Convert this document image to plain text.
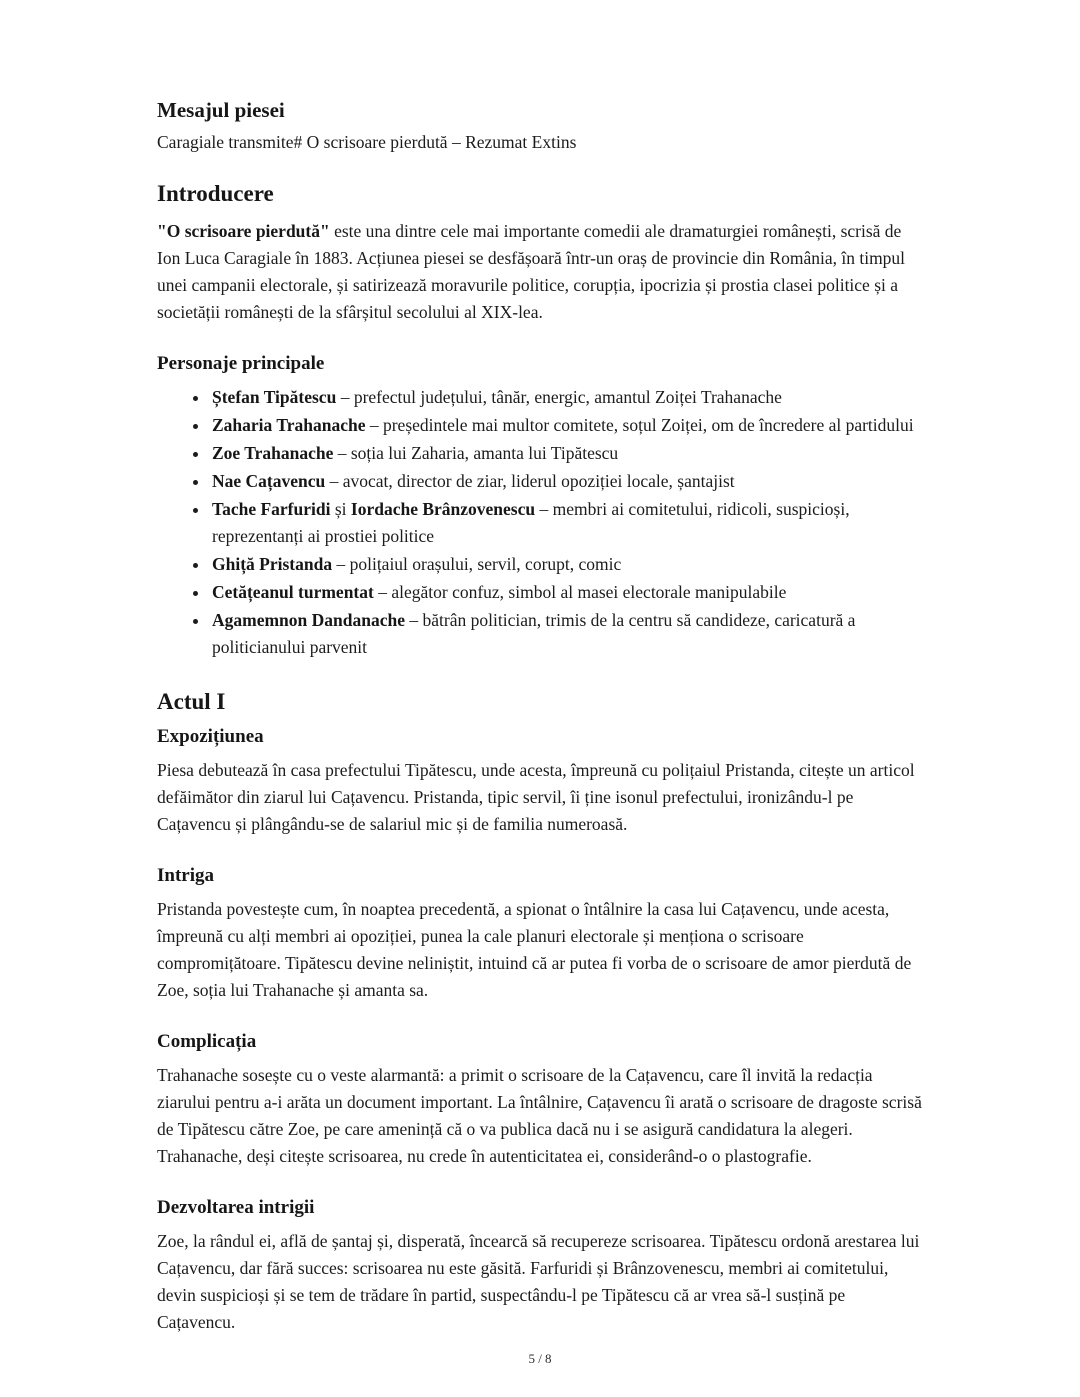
Mesajul piesei

Caragiale transmite# O scrisoare pierdută – Rezumat Extins

Introducere

"O scrisoare pierdută" este una dintre cele mai importante comedii ale dramaturgiei românești, scrisă de Ion Luca Caragiale în 1883. Acțiunea piesei se desfășoară într-un oraș de provincie din România, în timpul unei campanii electorale, și satirizează moravurile politice, corupția, ipocrizia și prostia clasei politice și a societății românești de la sfârșitul secolului al XIX-lea.

Personaje principale
• Ștefan Tipătescu – prefectul județului, tânăr, energic, amantul Zoiței Trahanache
• Zaharia Trahanache – președintele mai multor comitete, soțul Zoiței, om de încredere al partidului
• Zoe Trahanache – soția lui Zaharia, amanta lui Tipătescu
• Nae Cațavencu – avocat, director de ziar, liderul opoziției locale, șantajist
• Tache Farfuridi și Iordache Brânzovenescu – membri ai comitetului, ridicoli, suspicioși, reprezentanți ai prostiei politice
• Ghiță Pristanda – polițaiul orașului, servil, corupt, comic
• Cetățeanul turmentat – alegător confuz, simbol al masei electorale manipulabile
• Agamemnon Dandanache – bătrân politician, trimis de la centru să candideze, caricatură a politicianului parvenit
Actul I
Expozițiunea

Piesa debutează în casa prefectului Tipătescu, unde acesta, împreună cu polițaiul Pristanda, citește un articol defăimător din ziarul lui Cațavencu. Pristanda, tipic servil, îi ține isonul prefectului, ironizându-l pe Cațavencu și plângându-se de salariul mic și de familia numeroasă.

Intriga

Pristanda povestește cum, în noaptea precedentă, a spionat o întâlnire la casa lui Cațavencu, unde acesta, împreună cu alți membri ai opoziției, punea la cale planuri electorale și menționa o scrisoare compromițătoare. Tipătescu devine neliniștit, intuind că ar putea fi vorba de o scrisoare de amor pierdută de Zoe, soția lui Trahanache și amanta sa.

Complicația

Trahanache sosește cu o veste alarmantă: a primit o scrisoare de la Cațavencu, care îl invită la redacția ziarului pentru a-i arăta un document important. La întâlnire, Cațavencu îi arată o scrisoare de dragoste scrisă de Tipătescu către Zoe, pe care amenință că o va publica dacă nu i se asigură candidatura la alegeri. Trahanache, deși citește scrisoarea, nu crede în autenticitatea ei, considerând-o o plastografie.

Dezvoltarea intrigii

Zoe, la rândul ei, află de șantaj și, disperată, încearcă să recupereze scrisoarea. Tipătescu ordonă arestarea lui Cațavencu, dar fără succes: scrisoarea nu este găsită. Farfuridi și Brânzovenescu, membri ai comitetului, devin suspicioși și se tem de trădare în partid, suspectându-l pe Tipătescu că ar vrea să-l susțină pe Cațavencu.

5 / 8
